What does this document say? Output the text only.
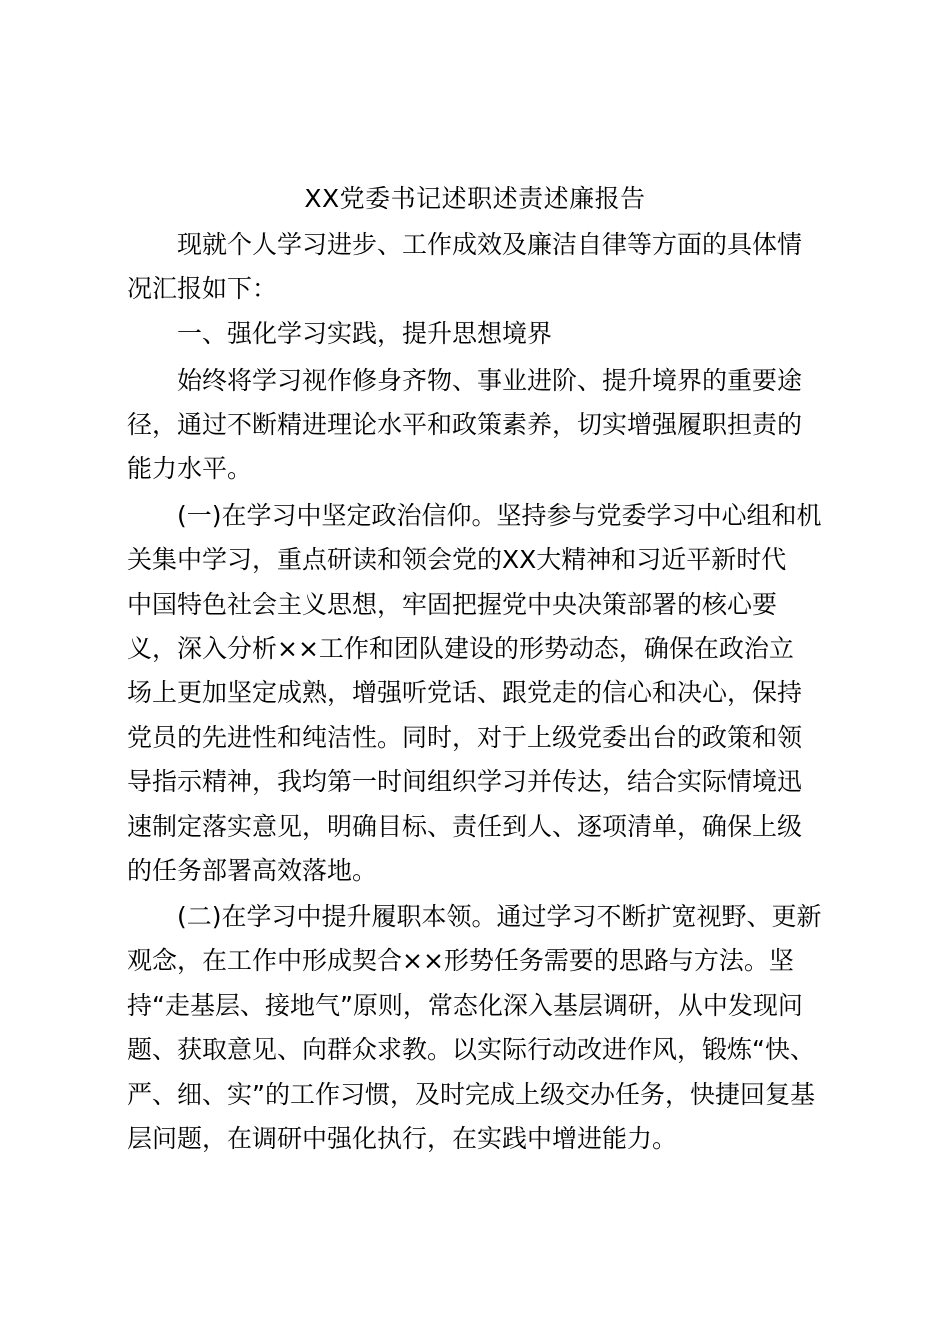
XX党委书记述职述责述廉报告

现就个人学习进步、工作成效及廉洁自律等方面的具体情

况汇报如下：

一、强化学习实践，提升思想境界

始终将学习视作修身齐物、事业进阶、提升境界的重要途

径，通过不断精进理论水平和政策素养，切实增强履职担责的

能力水平。

(一)在学习中坚定政治信仰。坚持参与党委学习中心组和机

关集中学习，重点研读和领会党的XX大精神和习近平新时代

中国特色社会主义思想，牢固把握党中央决策部署的核心要

义，深入分析××工作和团队建设的形势动态，确保在政治立

场上更加坚定成熟，增强听党话、跟党走的信心和决心，保持

党员的先进性和纯洁性。同时，对于上级党委出台的政策和领

导指示精神，我均第一时间组织学习并传达，结合实际情境迅

速制定落实意见，明确目标、责任到人、逐项清单，确保上级

的任务部署高效落地。

(二)在学习中提升履职本领。通过学习不断扩宽视野、更新

观念，在工作中形成契合××形势任务需要的思路与方法。坚

持“走基层、接地气”原则，常态化深入基层调研，从中发现问

题、获取意见、向群众求教。以实际行动改进作风，锻炼“快、

严、细、实”的工作习惯，及时完成上级交办任务，快捷回复基

层问题，在调研中强化执行，在实践中增进能力。
